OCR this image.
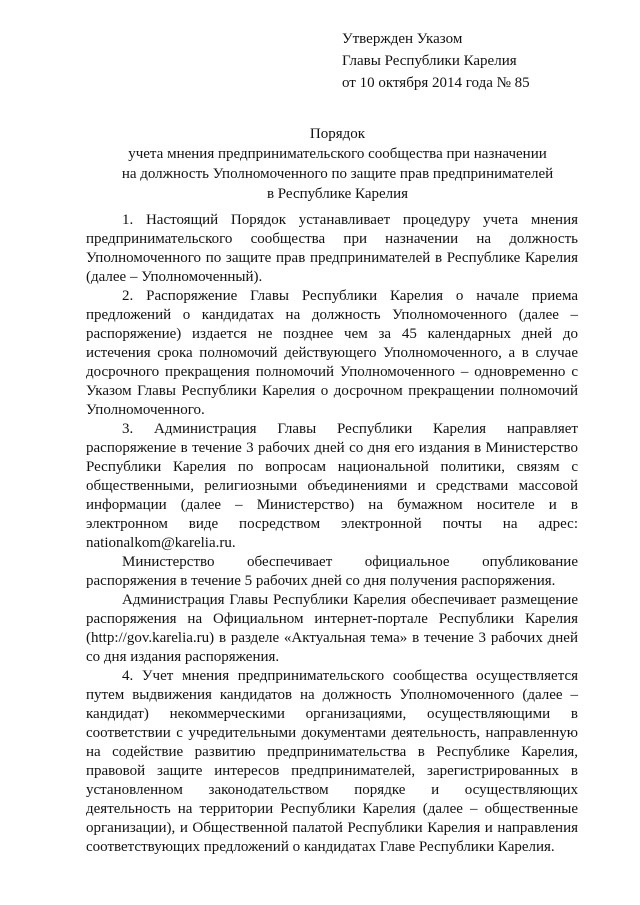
Утвержден Указом
Главы Республики Карелия
от 10 октября 2014 года № 85
Порядок
учета мнения предпринимательского сообщества при назначении
на должность Уполномоченного по защите прав предпринимателей
в Республике Карелия

1. Настоящий Порядок устанавливает процедуру учета мнения предпринимательского сообщества при назначении на должность Уполномоченного по защите прав предпринимателей в Республике Карелия (далее – Уполномоченный).

2. Распоряжение Главы Республики Карелия о начале приема предложений о кандидатах на должность Уполномоченного (далее – распоряжение) издается не позднее чем за 45 календарных дней до истечения срока полномочий действующего Уполномоченного, а в случае досрочного прекращения полномочий Уполномоченного – одновременно с Указом Главы Республики Карелия о досрочном прекращении полномочий Уполномоченного.

3. Администрация Главы Республики Карелия направляет распоряжение в течение 3 рабочих дней со дня его издания в Министерство Республики Карелия по вопросам национальной политики, связям с общественными, религиозными объединениями и средствами массовой информации (далее – Министерство) на бумажном носителе и в электронном виде посредством электронной почты на адрес: nationalkom@karelia.ru.

Министерство обеспечивает официальное опубликование распоряжения в течение 5 рабочих дней со дня получения распоряжения.

Администрация Главы Республики Карелия обеспечивает размещение распоряжения на Официальном интернет-портале Республики Карелия (http://gov.karelia.ru) в разделе «Актуальная тема» в течение 3 рабочих дней со дня издания распоряжения.

4. Учет мнения предпринимательского сообщества осуществляется путем выдвижения кандидатов на должность Уполномоченного (далее – кандидат) некоммерческими организациями, осуществляющими в соответствии с учредительными документами деятельность, направленную на содействие развитию предпринимательства в Республике Карелия, правовой защите интересов предпринимателей, зарегистрированных в установленном законодательством порядке и осуществляющих деятельность на территории Республики Карелия (далее – общественные организации), и Общественной палатой Республики Карелия и направления соответствующих предложений о кандидатах Главе Республики Карелия.
